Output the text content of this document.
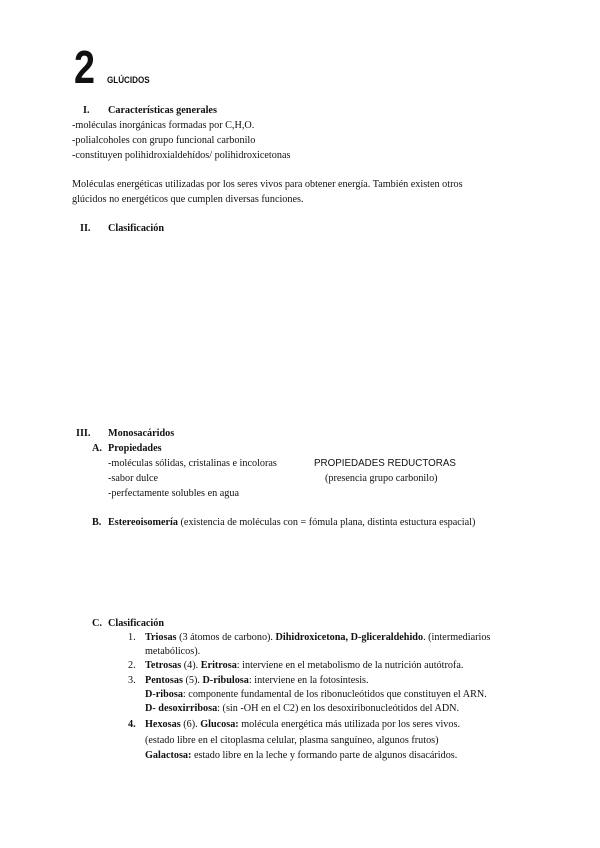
2 GLÚCIDOS
I. Características generales
-moléculas inorgánicas formadas por C,H,O.
-polialcoholes con grupo funcional carbonilo
-constituyen polihidroxialdehídos/ polihidroxicetonas
Moléculas energéticas utilizadas por los seres vivos para obtener energía. También existen otros
glúcidos no energéticos que cumplen diversas funciones.
II. Clasificación
III. Monosacáridos
A. Propiedades
-moléculas sólidas, cristalinas e incoloras
-sabor dulce
-perfectamente solubles en agua
PROPIEDADES REDUCTORAS
(presencia grupo carbonilo)
B. Estereoisomería (existencia de moléculas con = fómula plana, distinta estuctura espacial)
C. Clasificación
1. Triosas (3 átomos de carbono). Dihidroxicetona, D-gliceraldehido. (intermediarios
metabólicos).
2. Tetrosas (4). Eritrosa: interviene en el metabolismo de la nutrición autótrofa.
3. Pentosas (5). D-ribulosa: interviene en la fotosíntesis.
D-ribosa: componente fundamental de los ribonucleótidos que constituyen el ARN.
D- desoxirribosa: (sin -OH en el C2) en los desoxiribonucleótidos del ADN.
4. Hexosas (6). Glucosa: molécula energética más utilizada por los seres vivos.
(estado libre en el citoplasma celular, plasma sanguíneo, algunos frutos)
Galactosa: estado libre en la leche y formando parte de algunos disacáridos.
